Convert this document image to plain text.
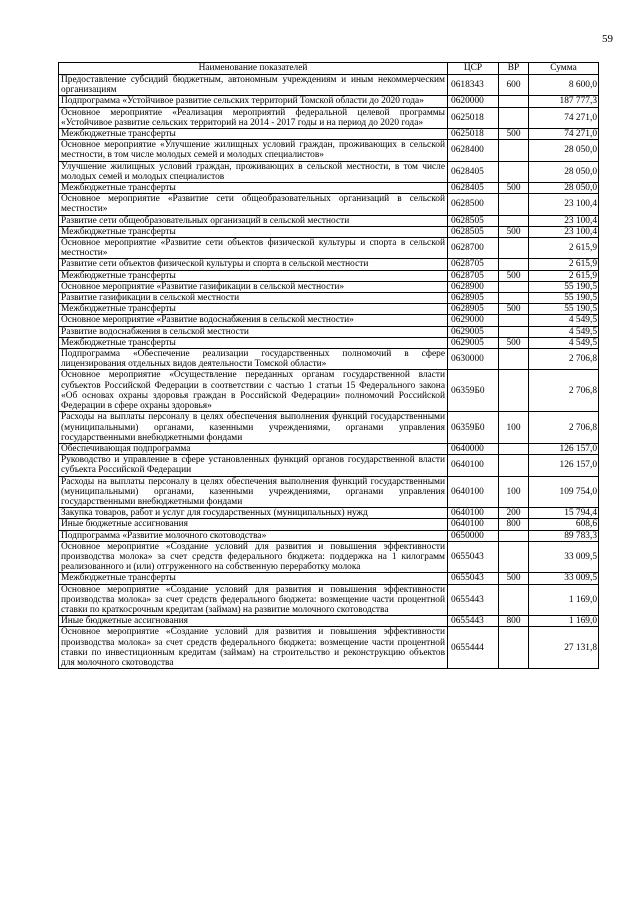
59
Наименование показателей	ЦСР	ВР	Сумма
Предоставление субсидий бюджетным, автономным учреждениям и иным некоммерческим организациям	0618343	600	8 600,0
Подпрограмма «Устойчивое развитие сельских территорий Томской области до 2020 года»	0620000		187 777,3
Основное мероприятие «Реализация мероприятий федеральной целевой программы «Устойчивое развитие сельских территорий на 2014 - 2017 годы и на период до 2020 года»	0625018		74 271,0
Межбюджетные трансферты	0625018	500	74 271,0
Основное мероприятие «Улучшение жилищных условий граждан, проживающих в сельской местности, в том числе молодых семей и молодых специалистов»	0628400		28 050,0
Улучшение жилищных условий граждан, проживающих в сельской местности, в том числе молодых семей и молодых специалистов	0628405		28 050,0
Межбюджетные трансферты	0628405	500	28 050,0
Основное мероприятие «Развитие сети общеобразовательных организаций в сельской местности»	0628500		23 100,4
Развитие сети общеобразовательных организаций в сельской местности	0628505		23 100,4
Межбюджетные трансферты	0628505	500	23 100,4
Основное мероприятие «Развитие сети объектов физической культуры и спорта в сельской местности»	0628700		2 615,9
Развитие сети объектов физической культуры и спорта в сельской местности	0628705		2 615,9
Межбюджетные трансферты	0628705	500	2 615,9
Основное мероприятие «Развитие газификации в сельской местности»	0628900		55 190,5
Развитие газификации в сельской местности	0628905		55 190,5
Межбюджетные трансферты	0628905	500	55 190,5
Основное мероприятие «Развитие водоснабжения в сельской местности»	0629000		4 549,5
Развитие водоснабжения в сельской местности	0629005		4 549,5
Межбюджетные трансферты	0629005	500	4 549,5
Подпрограмма «Обеспечение реализации государственных полномочий в сфере лицензирования отдельных видов деятельности Томской области»	0630000		2 706,8
Основное мероприятие «Осуществление переданных органам государственной власти субъектов Российской Федерации в соответствии с частью 1 статьи 15 Федерального закона «Об основах охраны здоровья граждан в Российской Федерации» полномочий Российской Федерации в сфере охраны здоровья»	06359Б0		2 706,8
Расходы на выплаты персоналу в целях обеспечения выполнения функций государственными (муниципальными) органами, казенными учреждениями, органами управления государственными внебюджетными фондами	06359Б0	100	2 706,8
Обеспечивающая подпрограмма	0640000		126 157,0
Руководство и управление в сфере установленных функций органов государственной власти субъекта Российской Федерации	0640100		126 157,0
Расходы на выплаты персоналу в целях обеспечения выполнения функций государственными (муниципальными) органами, казенными учреждениями, органами управления государственными внебюджетными фондами	0640100	100	109 754,0
Закупка товаров, работ и услуг для государственных (муниципальных) нужд	0640100	200	15 794,4
Иные бюджетные ассигнования	0640100	800	608,6
Подпрограмма «Развитие молочного скотоводства»	0650000		89 783,3
Основное мероприятие «Создание условий для развития и повышения эффективности производства молока» за счет средств федерального бюджета: поддержка на 1 килограмм реализованного и (или) отгруженного на собственную переработку молока	0655043		33 009,5
Межбюджетные трансферты	0655043	500	33 009,5
Основное мероприятие «Создание условий для развития и повышения эффективности производства молока» за счет средств федерального бюджета: возмещение части процентной ставки по краткосрочным кредитам (займам) на развитие молочного скотоводства	0655443		1 169,0
Иные бюджетные ассигнования	0655443	800	1 169,0
Основное мероприятие «Создание условий для развития и повышения эффективности производства молока» за счет средств федерального бюджета: возмещение части процентной ставки по инвестиционным кредитам (займам) на строительство и реконструкцию объектов для молочного скотоводства	0655444		27 131,8
